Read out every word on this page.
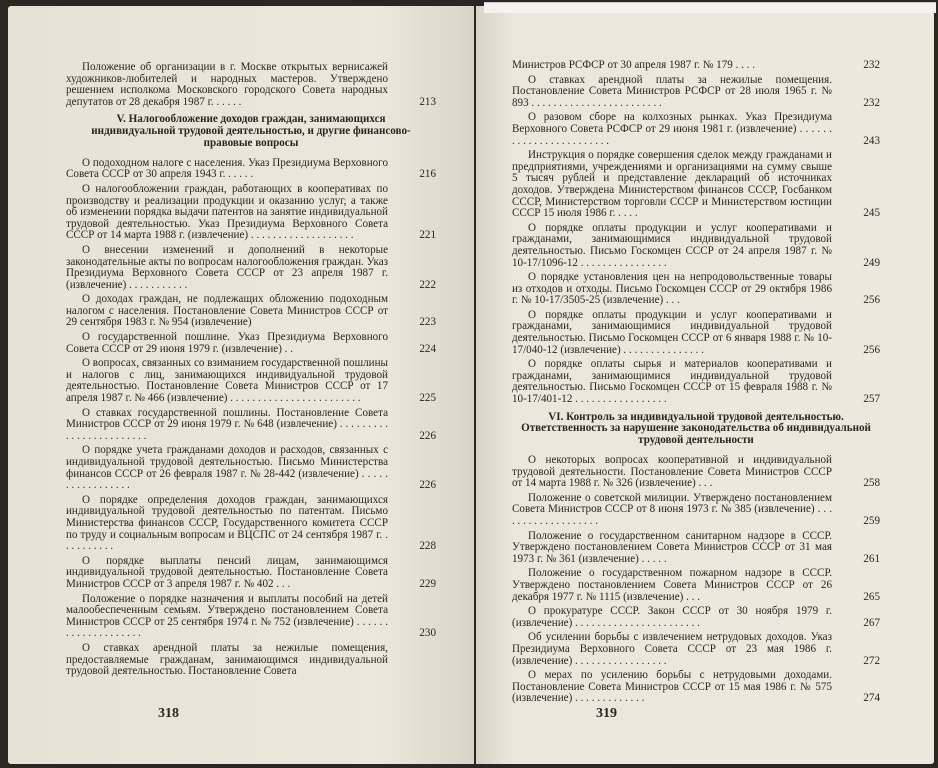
Положение об организации в г. Москве открытых вернисажей художников-любителей и народных мастеров. Утверждено решением исполкома Московского городского Совета народных депутатов от 28 декабря 1987 г. . . . . .	213
V. Налогообложение доходов граждан, занимающихся индивидуальной трудовой деятельностью, и другие финансово-правовые вопросы
О подоходном налоге с населения. Указ Президиума Верховного Совета СССР от 30 апреля 1943 г. . . . . .	216
О налогообложении граждан, работающих в кооперативах по производству и реализации продукции и оказанию услуг, а также об изменении порядка выдачи патентов на занятие индивидуальной трудовой деятельностью. Указ Президиума Верховного Совета СССР от 14 марта 1988 г. (извлечение) . . . . . . . . . . . . . . . . . . .	221
О внесении изменений и дополнений в некоторые законодательные акты по вопросам налогообложения граждан. Указ Президиума Верховного Совета СССР от 23 апреля 1987 г. (извлечение) . . . . . . . . . . .	222
О доходах граждан, не подлежащих обложению подоходным налогом с населения. Постановление Совета Министров СССР от 29 сентября 1983 г. № 954 (извлечение)	223
О государственной пошлине. Указ Президиума Верховного Совета СССР от 29 июня 1979 г. (извлечение) . .	224
О вопросах, связанных со взиманием государственной пошлины и налогов с лиц, занимающихся индивидуальной трудовой деятельностью. Постановление Совета Министров СССР от 17 апреля 1987 г. № 466 (извлечение) . . . . . . . . . . . . . . . . . . . . . . . .	225
О ставках государственной пошлины. Постановление Совета Министров СССР от 29 июня 1979 г. № 648 (извлечение) . . . . . . . . . . . . . . . . . . . . . . . .	226
О порядке учета гражданами доходов и расходов, связанных с индивидуальной трудовой деятельностью. Письмо Министерства финансов СССР от 26 февраля 1987 г. № 28-442 (извлечение) . . . . . . . . . . . . . . . . .	226
О порядке определения доходов граждан, занимающихся индивидуальной трудовой деятельностью по патентам. Письмо Министерства финансов СССР, Государственного комитета СССР по труду и социальным вопросам и ВЦСПС от 24 сентября 1987 г. . . . . . . . . . .	228
О порядке выплаты пенсий лицам, занимающимся индивидуальной трудовой деятельностью. Постановление Совета Министров СССР от 3 апреля 1987 г. № 402 . . .	229
Положение о порядке назначения и выплаты пособий на детей малообеспеченным семьям. Утверждено постановлением Совета Министров СССР от 25 сентября 1974 г. № 752 (извлечение) . . . . . . . . . . . . . . . . . . . .	230
О ставках арендной платы за нежилые помещения, предоставляемые гражданам, занимающимся индивидуальной трудовой деятельностью. Постановление Совета
318
Министров РСФСР от 30 апреля 1987 г. № 179 . . . .	232
О ставках арендной платы за нежилые помещения. Постановление Совета Министров РСФСР от 28 июля 1965 г. № 893 . . . . . . . . . . . . . . . . . . . . . . . .	232
О разовом сборе на колхозных рынках. Указ Президиума Верховного Совета РСФСР от 29 июня 1981 г. (извлечение) . . . . . . . . . . . . . . . . . . . . . . . .	243
Инструкция о порядке совершения сделок между гражданами и предприятиями, учреждениями и организациями на сумму свыше 5 тысяч рублей и представление деклараций об источниках доходов. Утверждена Министерством финансов СССР, Госбанком СССР, Министерством торговли СССР и Министерством юстиции СССР 15 июля 1986 г. . . . .	245
О порядке оплаты продукции и услуг кооперативами и гражданами, занимающимися индивидуальной трудовой деятельностью. Письмо Госкомцен СССР от 24 апреля 1987 г. № 10-17/1096-12 . . . . . . . . . . . . . . . .	249
О порядке установления цен на непродовольственные товары из отходов и отходы. Письмо Госкомцен СССР от 29 октября 1986 г. № 10-17/3505-25 (извлечение) . . .	256
О порядке оплаты продукции и услуг кооперативами и гражданами, занимающимися индивидуальной трудовой деятельностью. Письмо Госкомцен СССР от 6 января 1988 г. № 10-17/040-12 (извлечение) . . . . . . . . . . . . . . .	256
О порядке оплаты сырья и материалов кооперативами и гражданами, занимающимися индивидуальной трудовой деятельностью. Письмо Госкомцен СССР от 15 февраля 1988 г. № 10-17/401-12 . . . . . . . . . . . . . . . . .	257
VI. Контроль за индивидуальной трудовой деятельностью. Ответственность за нарушение законодательства об индивидуальной трудовой деятельности
О некоторых вопросах кооперативной и индивидуальной трудовой деятельности. Постановление Совета Министров СССР от 14 марта 1988 г. № 326 (извлечение) . . .	258
Положение о советской милиции. Утверждено постановлением Совета Министров СССР от 8 июня 1973 г. № 385 (извлечение) . . . . . . . . . . . . . . . . . . .	259
Положение о государственном санитарном надзоре в СССР. Утверждено постановлением Совета Министров СССР от 31 мая 1973 г. № 361 (извлечение) . . . . .	261
Положение о государственном пожарном надзоре в СССР. Утверждено постановлением Совета Министров СССР от 26 декабря 1977 г. № 1115 (извлечение) . . .	265
О прокуратуре СССР. Закон СССР от 30 ноября 1979 г. (извлечение) . . . . . . . . . . . . . . . . . . . . . . .	267
Об усилении борьбы с извлечением нетрудовых доходов. Указ Президиума Верховного Совета СССР от 23 мая 1986 г. (извлечение) . . . . . . . . . . . . . . . . .	272
О мерах по усилению борьбы с нетрудовыми доходами. Постановление Совета Министров СССР от 15 мая 1986 г. № 575 (извлечение) . . . . . . . . . . . . .	274
319
